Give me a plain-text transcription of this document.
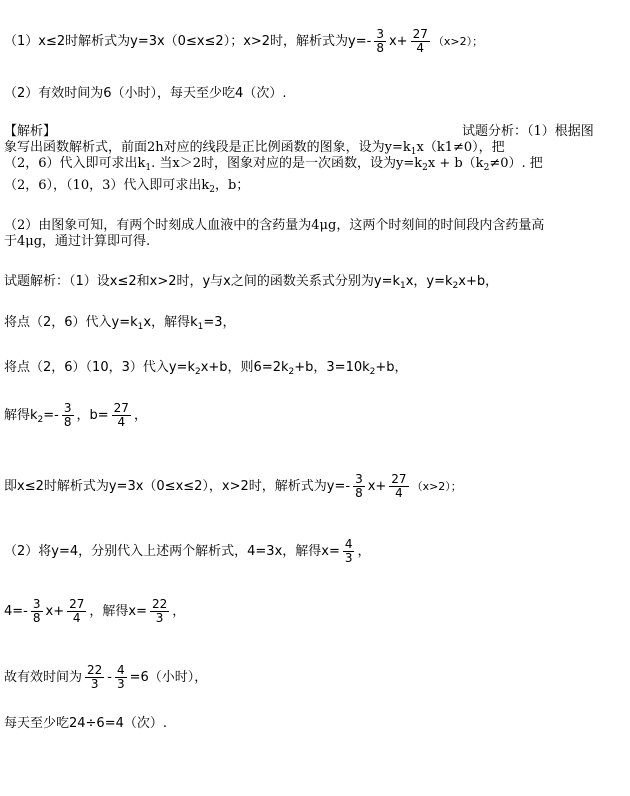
（1）x≤2时解析式为y=3x（0≤x≤2）；x>2时，解析式为$y=- \frac{3}{8} x+ \frac{27}{4} (x>2)$；
（2）有效时间为6（小时），每天至少吃4（次）.
【解析】	试题分析：（1）根据图
象写出函数解析式，前面2h对应的线段是正比例函数的图象，设为$y=k_1x(k1\ne 0)$，把
（2，6）代入即可求出$k_1$. 当x＞2时，图象对应的是一次函数，设为$y=k_2x + b(k_2\ne 0)$. 把
（2，6），（10，3）代入即可求出$k_2$，b；
（2）由图象可知，有两个时刻成人血液中的含药量为4μg，这两个时刻间的时间段内含药量高
于4μg，通过计算即可得.
试题解析：（1）设x≤2和x>2时，y与x之间的函数关系式分别为$y=k_1x$，$y=k_2x+b$，
将点（2，6）代入$y=k_1x$，解得$k_1=3$，
将点（2，6）（10，3）代入$y=k_2x+b$，则$6=2k_2+b$，$3=10k_2+b$，
解得$k_2=- \frac{3}{8}$ ，$b= \frac{27}{4}$ ，
即x≤2时解析式为y=3x（0≤x≤2），x>2时，解析式为$y=- \frac{3}{8} x+ \frac{27}{4} (x>2)$；
（2）将y=4，分别代入上述两个解析式，4=3x，解得$x= \frac{4}{3}$ ，
$4=- \frac{3}{8} x+ \frac{27}{4}$ ，解得$x= \frac{22}{3}$ ，
故有效时间为 $\frac{22}{3} - \frac{4}{3} =6$（小时），
每天至少吃24÷6=4（次）.
